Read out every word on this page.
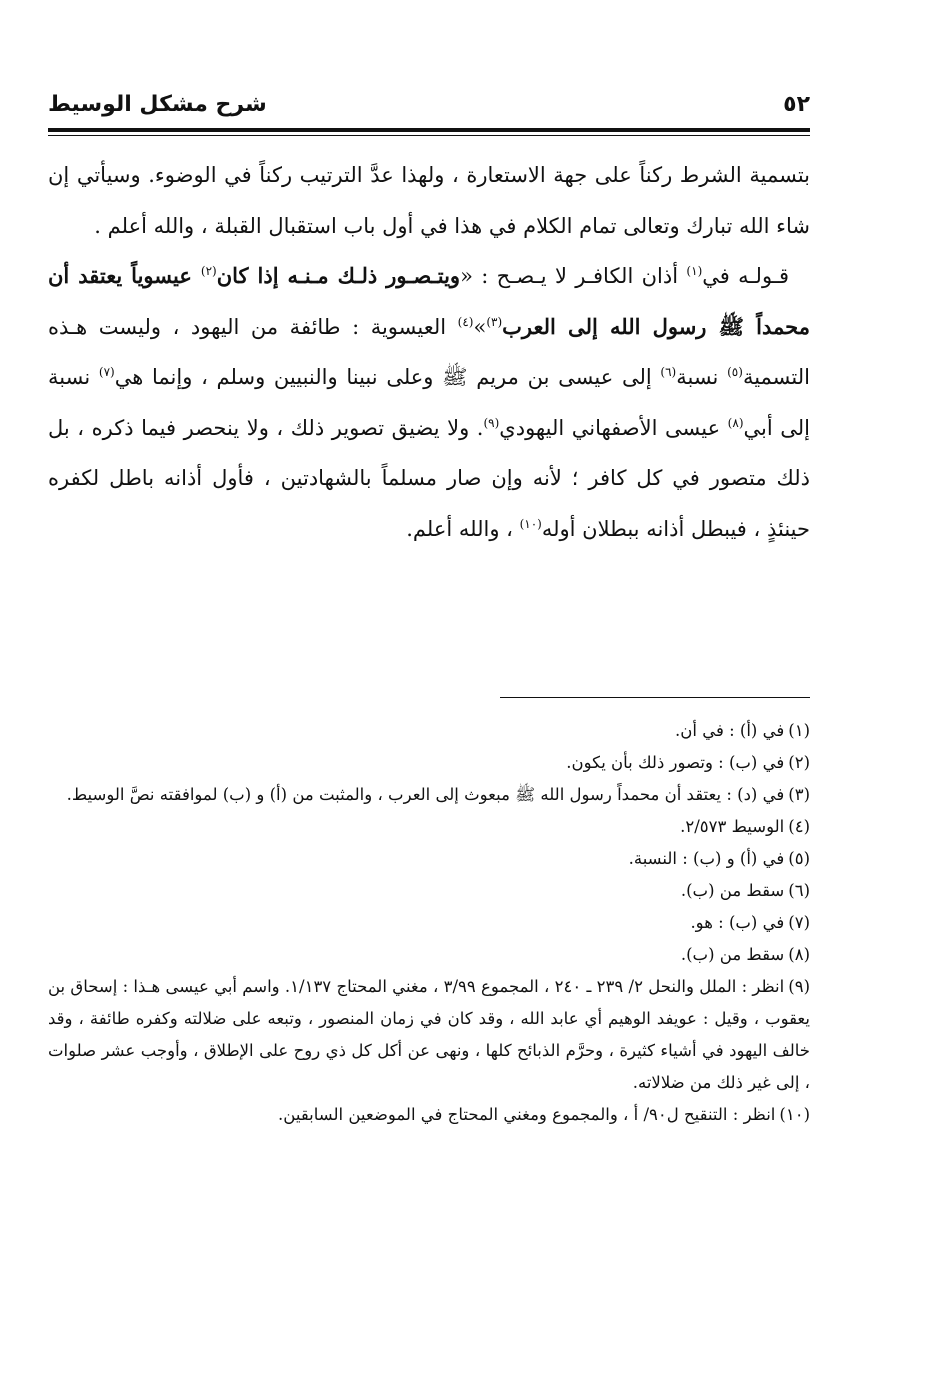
٥٢
شرح مشكل الوسيط

بتسمية الشرط ركناً على جهة الاستعارة ، ولهذا عدَّ الترتيب ركناً في الوضوء. وسيأتي إن شاء الله تبارك وتعالى تمام الكلام في هذا في أول باب استقبال القبلة ، والله أعلم .

 قـولـه في$^{(١)}$ أذان الكافـر لا يـصـح : «ويتـصـور ذلـك مـنـه إذا كان$^{(٢)}$ عيسوياً يعتقد أن محمداً ﷺ رسول الله إلى العرب$^{(٣)}$»$^{(٤)}$ العيسوية : طائفة من اليهود ، وليست هـذه التسمية$^{(٥)}$ نسبة$^{(٦)}$ إلى عيسى بن مريم ﷺ وعلى نبينا والنبيين وسلم ، وإنما هي$^{(٧)}$ نسبة إلى أبي$^{(٨)}$ عيسى الأصفهاني اليهودي$^{(٩)}$. ولا يضيق تصوير ذلك ، ولا ينحصر فيما ذكره ، بل ذلك متصور في كل كافر ؛ لأنه وإن صار مسلماً بالشهادتين ، فأول أذانه باطل لكفره حينئذٍ ، فيبطل أذانه ببطلان أوله$^{(١٠)}$ ، والله أعلم.

(١)في (أ) : في أن.

(٢)في (ب) : وتصور ذلك بأن يكون.

(٣)في (د) : يعتقد أن محمداً رسول الله ﷺ مبعوث إلى العرب ، والمثبت من (أ) و (ب) لموافقته نصَّ الوسيط.

(٤)الوسيط ٢/٥٧٣.

(٥)في (أ) و (ب) : النسبة.

(٦)سقط من (ب).

(٧)في (ب) : هو.

(٨)سقط من (ب).

(٩)انظر : الملل والنحل ٢/ ٢٣٩ ـ ٢٤٠ ، المجموع ٣/٩٩ ، مغني المحتاج ١/١٣٧. واسم أبي عيسى هـذا : إسحاق بن يعقوب ، وقيل : عويفد الوهيم أي عابد الله ، وقد كان في زمان المنصور ، وتبعه على ضلالته وكفره طائفة ، وقد خالف اليهود في أشياء كثيرة ، وحرَّم الذبائح كلها ، ونهى عن أكل كل ذي روح على الإطلاق ، وأوجب عشر صلوات ، إلى غير ذلك من ضلالاته.

(١٠)انظر : التنقيح ل٩٠/ أ ، والمجموع ومغني المحتاج في الموضعين السابقين.
